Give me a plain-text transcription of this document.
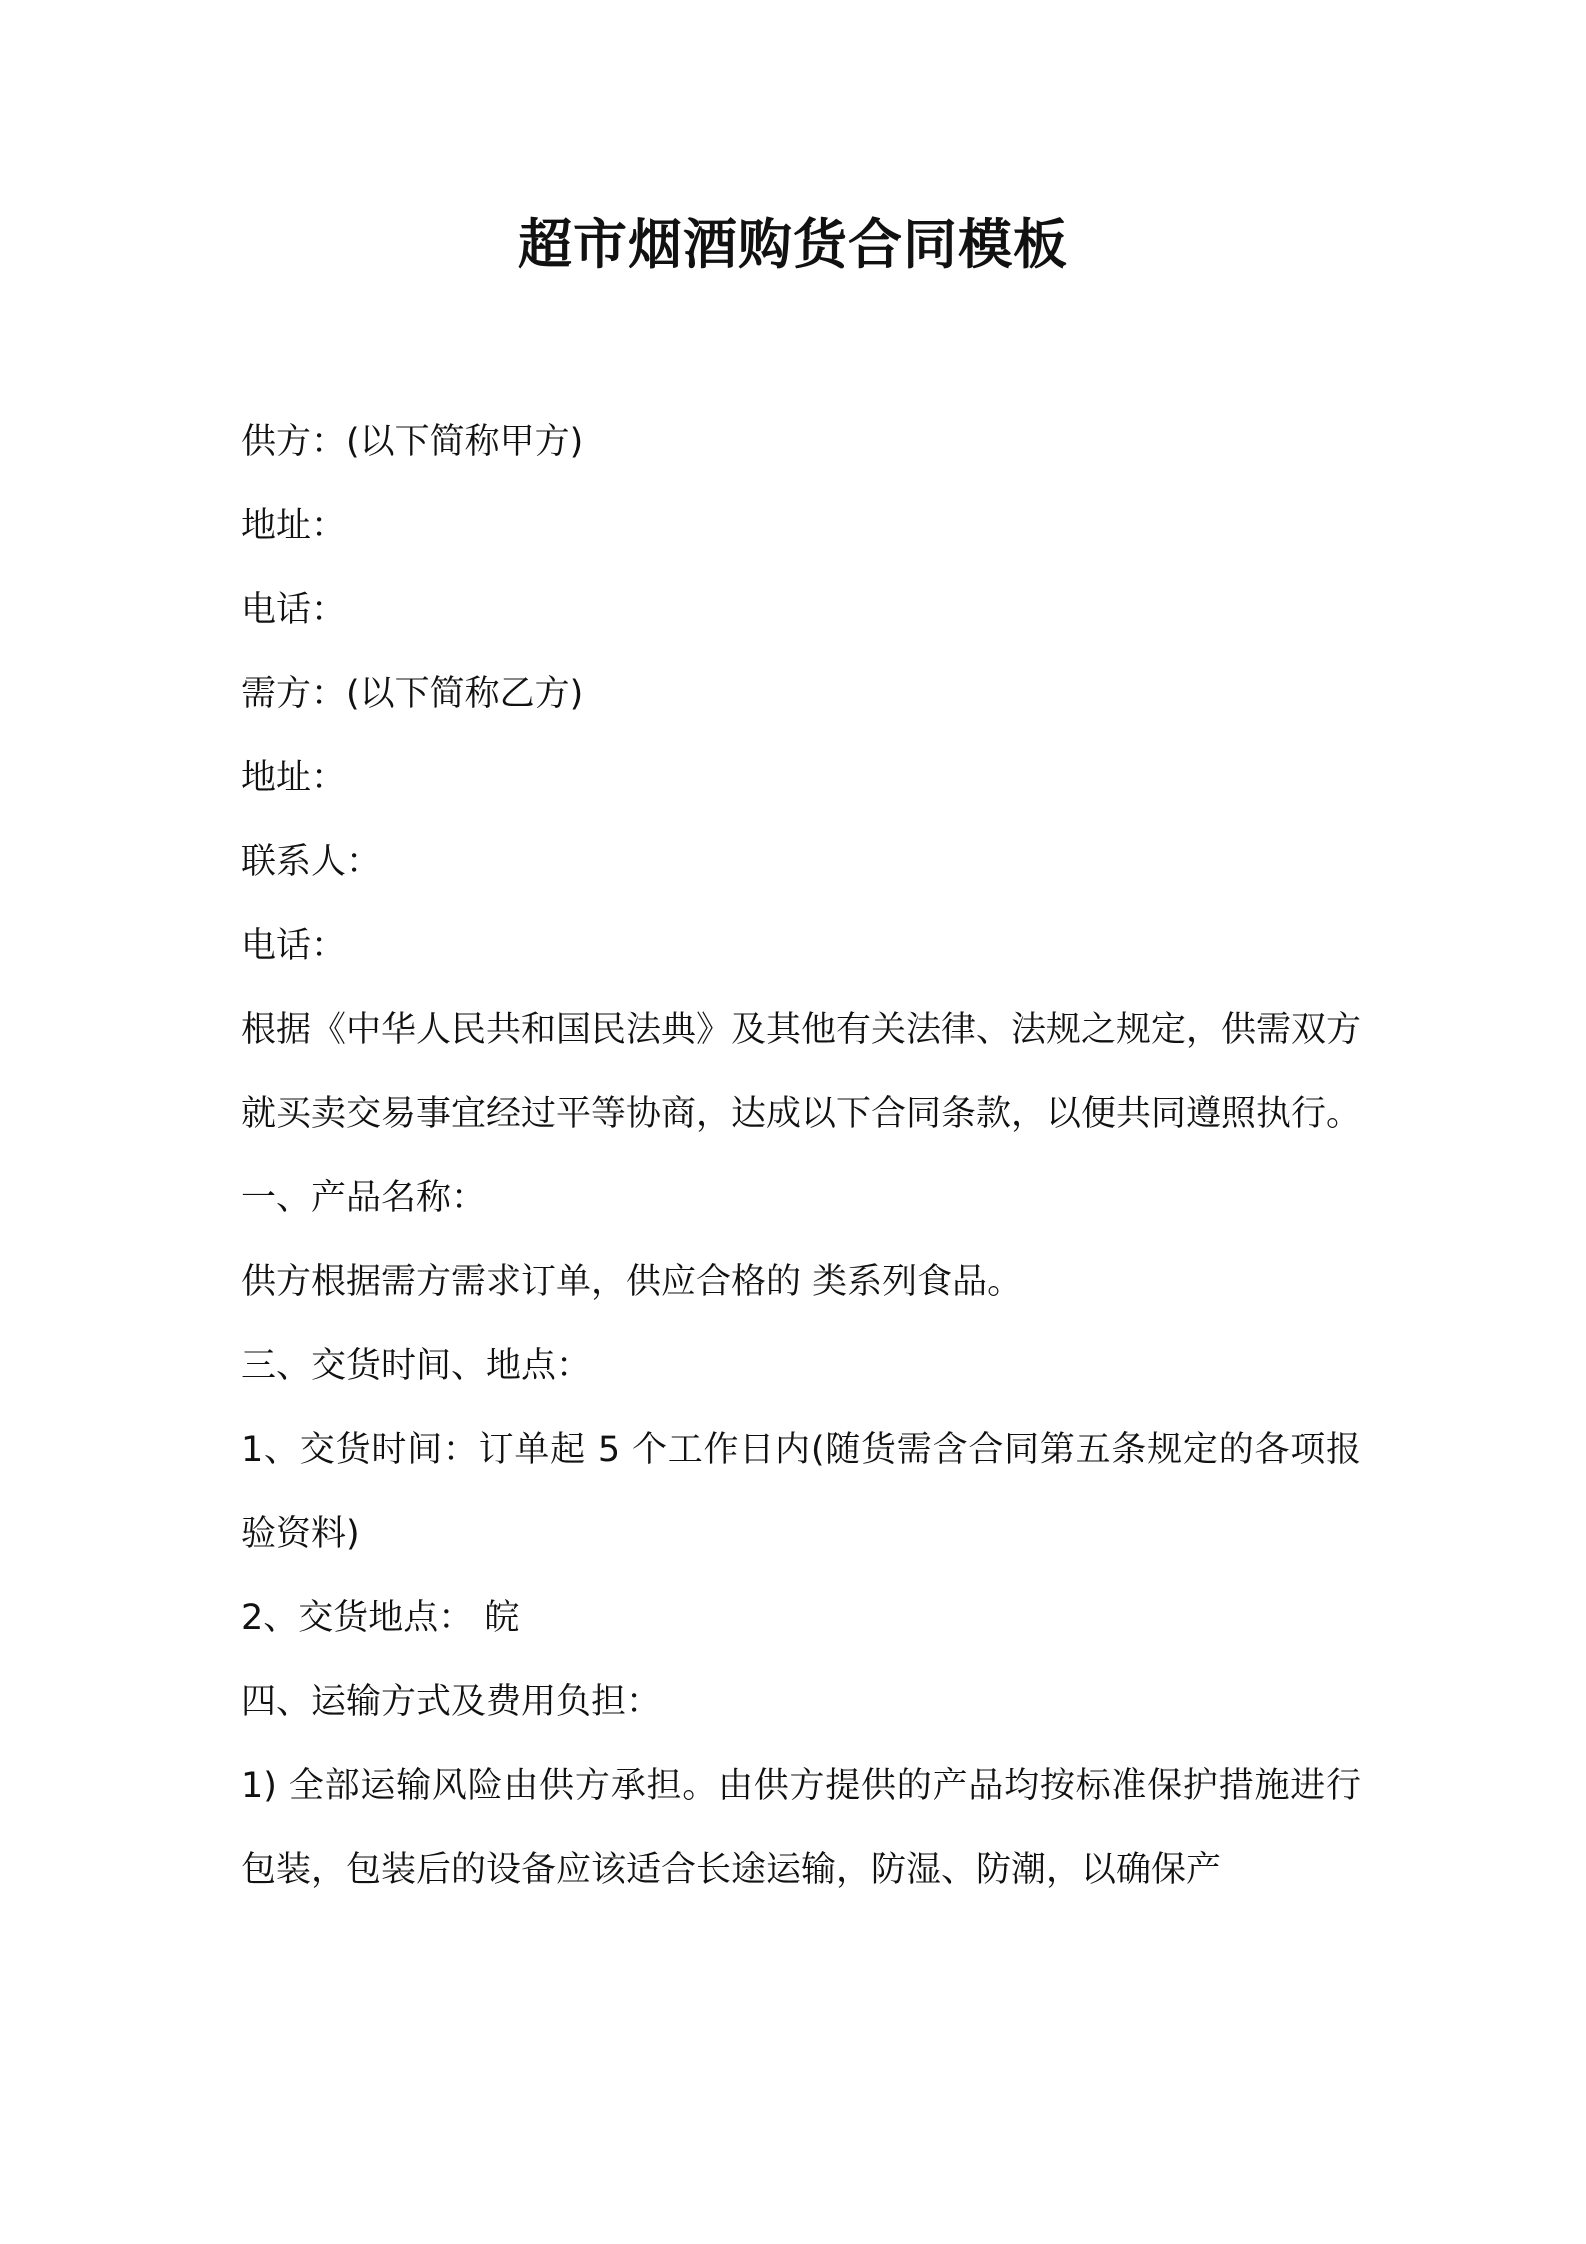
超市烟酒购货合同模板
供方：(以下简称甲方)
地址：
电话：
需方：(以下简称乙方)
地址：
联系人：
电话：
根据《中华人民共和国民法典》及其他有关法律、法规之规定，供需双方就买卖交易事宜经过平等协商，达成以下合同条款，以便共同遵照执行。
一、产品名称：
供方根据需方需求订单，供应合格的 类系列食品。
三、交货时间、地点：
1、交货时间：订单起 5 个工作日内(随货需含合同第五条规定的各项报验资料)
2、交货地点： 皖
四、运输方式及费用负担：
1) 全部运输风险由供方承担。由供方提供的产品均按标准保护措施进行包装，包装后的设备应该适合长途运输，防湿、防潮，以确保产
